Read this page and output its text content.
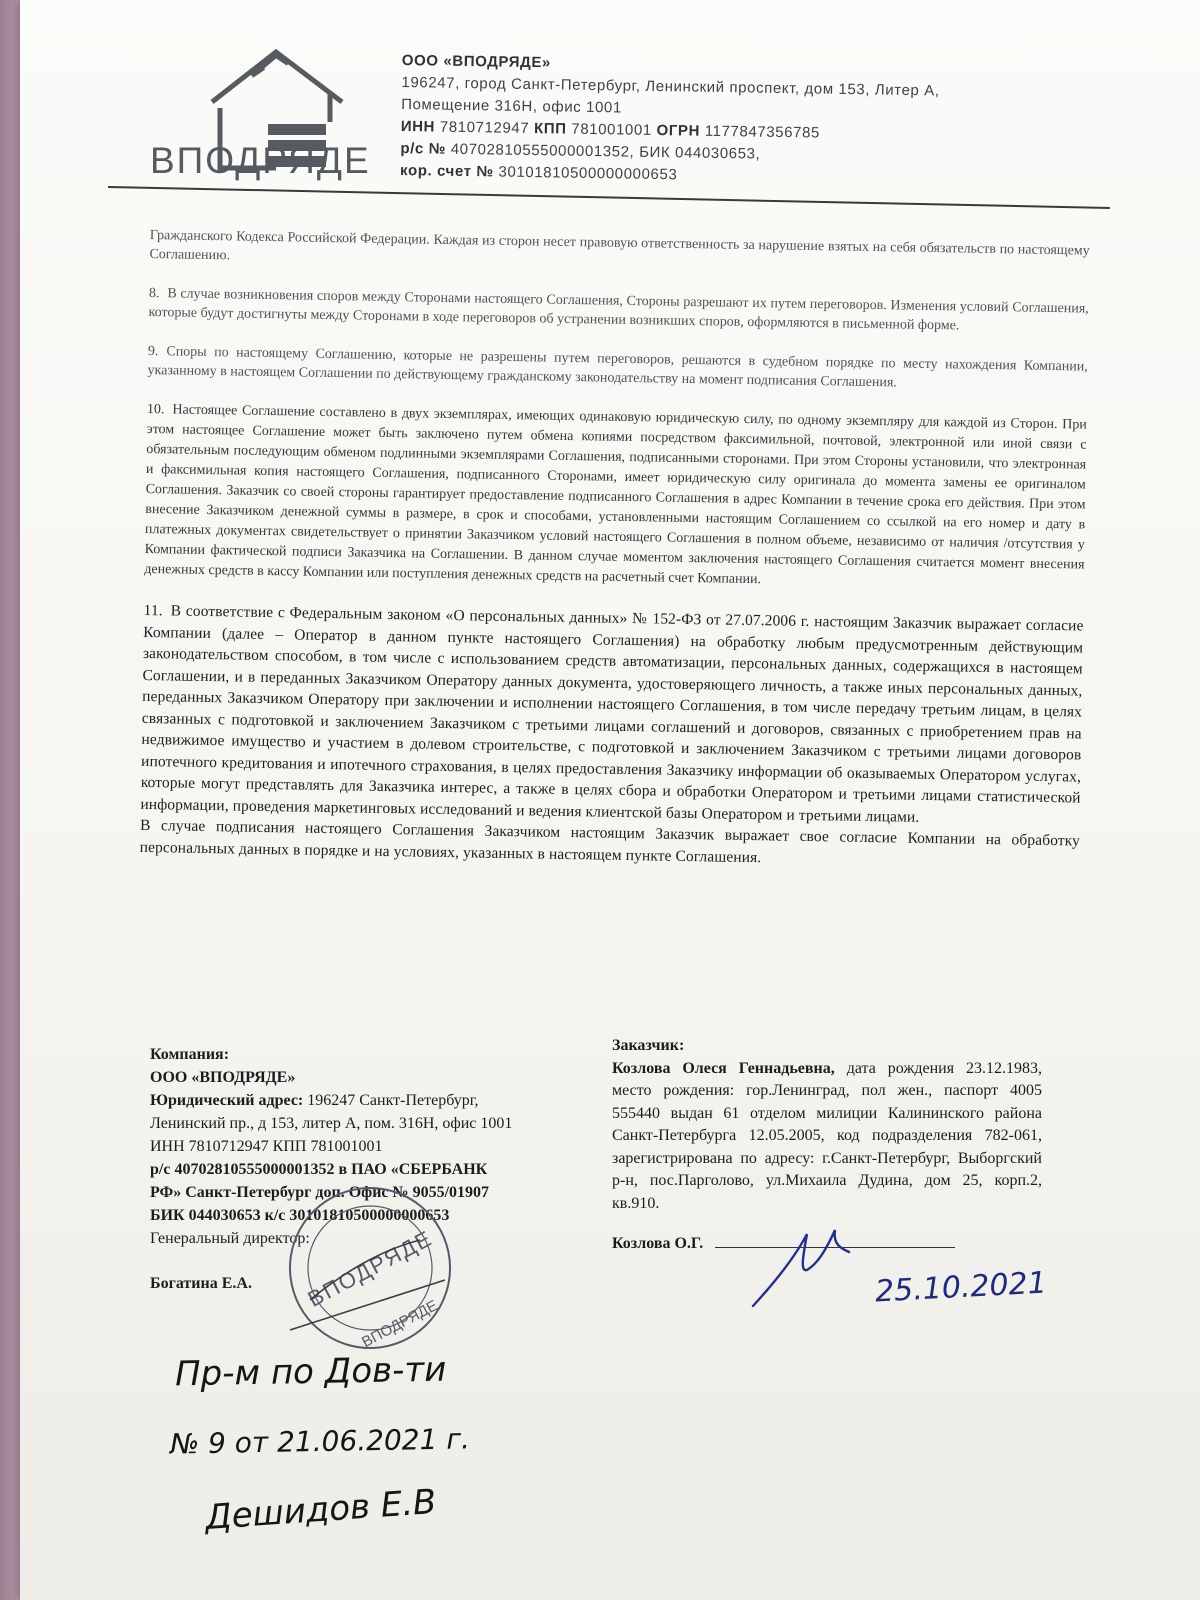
ВПОДРЯДЕ
ООО «ВПОДРЯДЕ»
196247, город Санкт-Петербург, Ленинский проспект, дом 153, Литер А,
Помещение 316Н, офис 1001
ИНН 7810712947 КПП 781001001 ОГРН 1177847356785
р/с № 40702810555000001352, БИК 044030653,
кор. счет № 30101810500000000653

Гражданского Кодекса Российской Федерации. Каждая из сторон несет правовую ответственность за нарушение взятых на себя обязательств по настоящему Соглашению.

8. В случае возникновения споров между Сторонами настоящего Соглашения, Стороны разрешают их путем переговоров. Изменения условий Соглашения, которые будут достигнуты между Сторонами в ходе переговоров об устранении возникших споров, оформляются в письменной форме.

9. Споры по настоящему Соглашению, которые не разрешены путем переговоров, решаются в судебном порядке по месту нахождения Компании, указанному в настоящем Соглашении по действующему гражданскому законодательству на момент подписания Соглашения.

10. Настоящее Соглашение составлено в двух экземплярах, имеющих одинаковую юридическую силу, по одному экземпляру для каждой из Сторон. При этом настоящее Соглашение может быть заключено путем обмена копиями посредством факсимильной, почтовой, электронной или иной связи с обязательным последующим обменом подлинными экземплярами Соглашения, подписанными сторонами. При этом Стороны установили, что электронная и факсимильная копия настоящего Соглашения, подписанного Сторонами, имеет юридическую силу оригинала до момента замены ее оригиналом Соглашения. Заказчик со своей стороны гарантирует предоставление подписанного Соглашения в адрес Компании в течение срока его действия. При этом внесение Заказчиком денежной суммы в размере, в срок и способами, установленными настоящим Соглашением со ссылкой на его номер и дату в платежных документах свидетельствует о принятии Заказчиком условий настоящего Соглашения в полном объеме, независимо от наличия /отсутствия у Компании фактической подписи Заказчика на Соглашении. В данном случае моментом заключения настоящего Соглашения считается момент внесения денежных средств в кассу Компании или поступления денежных средств на расчетный счет Компании.

11. В соответствие с Федеральным законом «О персональных данных» № 152-ФЗ от 27.07.2006 г. настоящим Заказчик выражает согласие Компании (далее – Оператор в данном пункте настоящего Соглашения) на обработку любым предусмотренным действующим законодательством способом, в том числе с использованием средств автоматизации, персональных данных, содержащихся в настоящем Соглашении, и в переданных Заказчиком Оператору данных документа, удостоверяющего личность, а также иных персональных данных, переданных Заказчиком Оператору при заключении и исполнении настоящего Соглашения, в том числе передачу третьим лицам, в целях связанных с подготовкой и заключением Заказчиком с третьими лицами соглашений и договоров, связанных с приобретением прав на недвижимое имущество и участием в долевом строительстве, с подготовкой и заключением Заказчиком с третьими лицами договоров ипотечного кредитования и ипотечного страхования, в целях предоставления Заказчику информации об оказываемых Оператором услугах, которые могут представлять для Заказчика интерес, а также в целях сбора и обработки Оператором и третьими лицами статистической информации, проведения маркетинговых исследований и ведения клиентской базы Оператором и третьими лицами.

В случае подписания настоящего Соглашения Заказчиком настоящим Заказчик выражает свое согласие Компании на обработку персональных данных в порядке и на условиях, указанных в настоящем пункте Соглашения.

Компания:
ООО «ВПОДРЯДЕ»
Юридический адрес: 196247 Санкт-Петербург,
Ленинский пр., д 153, литер А, пом. 316Н, офис 1001
ИНН 7810712947 КПП 781001001
р/с 40702810555000001352 в ПАО «СБЕРБАНК
РФ» Санкт-Петербург доп. Офис № 9055/01907
БИК 044030653 к/с 30101810500000000653
Генеральный директор:
Богатина Е.А.
Заказчик:
Козлова Олеся Геннадьевна, дата рождения 23.12.1983, место рождения: гор.Ленинград, пол жен., паспорт 4005 555440 выдан 61 отделом милиции Калининского района Санкт-Петербурга 12.05.2005, код подразделения 782-061, зарегистрирована по адресу: г.Санкт-Петербург, Выборгский р-н, пос.Парголово, ул.Михаила Дудина, дом 25, корп.2, кв.910.
Козлова О.Г.
25.10.2021
ВПОДРЯДЕ
ВПОДРЯДЕ
Пр-м по Дов-ти
№ 9 от 21.06.2021 г.
Дешидов Е.В
